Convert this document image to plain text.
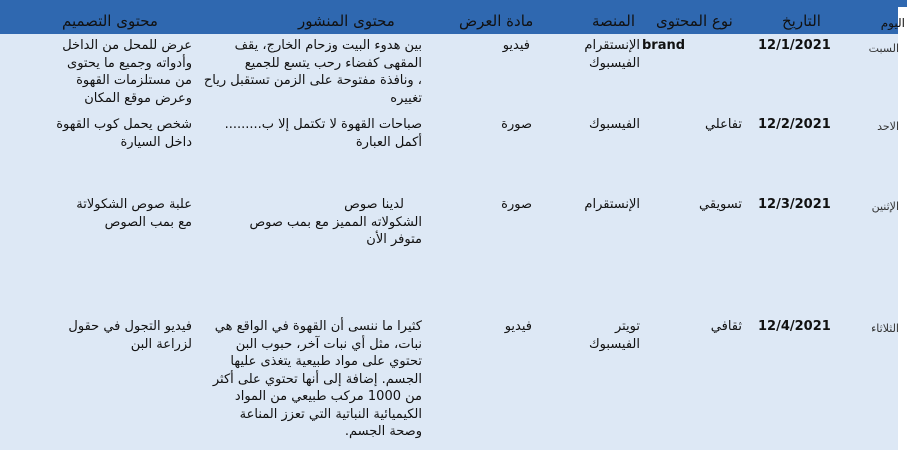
اليوم
التاريخ
نوع المحتوى
المنصة
مادة العرض
محتوى المنشور
محتوى التصميم
السبت
12/1/2021
brand
الإنستقرام
الفيسبوك
فيديو
بين هدوء البيت وزحام الخارج، يقف
المقهى كفضاء رحب يتسع للجميع
، ونافذة مفتوحة على الزمن تستقبل رياح
تغييره
عرض للمحل من الداخل
وأدواته وجميع ما يحتوى
من مستلزمات القهوة
وعرض موقع المكان
الاحد
12/2/2021
تفاعلي
الفيسبوك
صورة
صباحات القهوة لا تكتمل إلا ب.........
أكمل العبارة
شخص يحمل كوب القهوة
داخل السيارة
الإثنين
12/3/2021
تسويقي
الإنستقرام
صورة
لدينا صوص
الشكولاته المميز مع بمب صوص
متوفر الأن
علبة صوص الشكولاتة
مع بمب الصوص
الثلاثاء
12/4/2021
ثقافي
تويتر
الفيسبوك
فيديو
كثيرا ما ننسى أن القهوة في الواقع هي
نبات، مثل أي نبات آخر، حبوب البن
تحتوي على مواد طبيعية يتغذى عليها
الجسم. إضافة إلى أنها تحتوي على أكثر
من 1000 مركب طبيعي من المواد
الكيميائية النباتية التي تعزز المناعة
وصحة الجسم.
فيديو التجول في حقول
لزراعة البن
